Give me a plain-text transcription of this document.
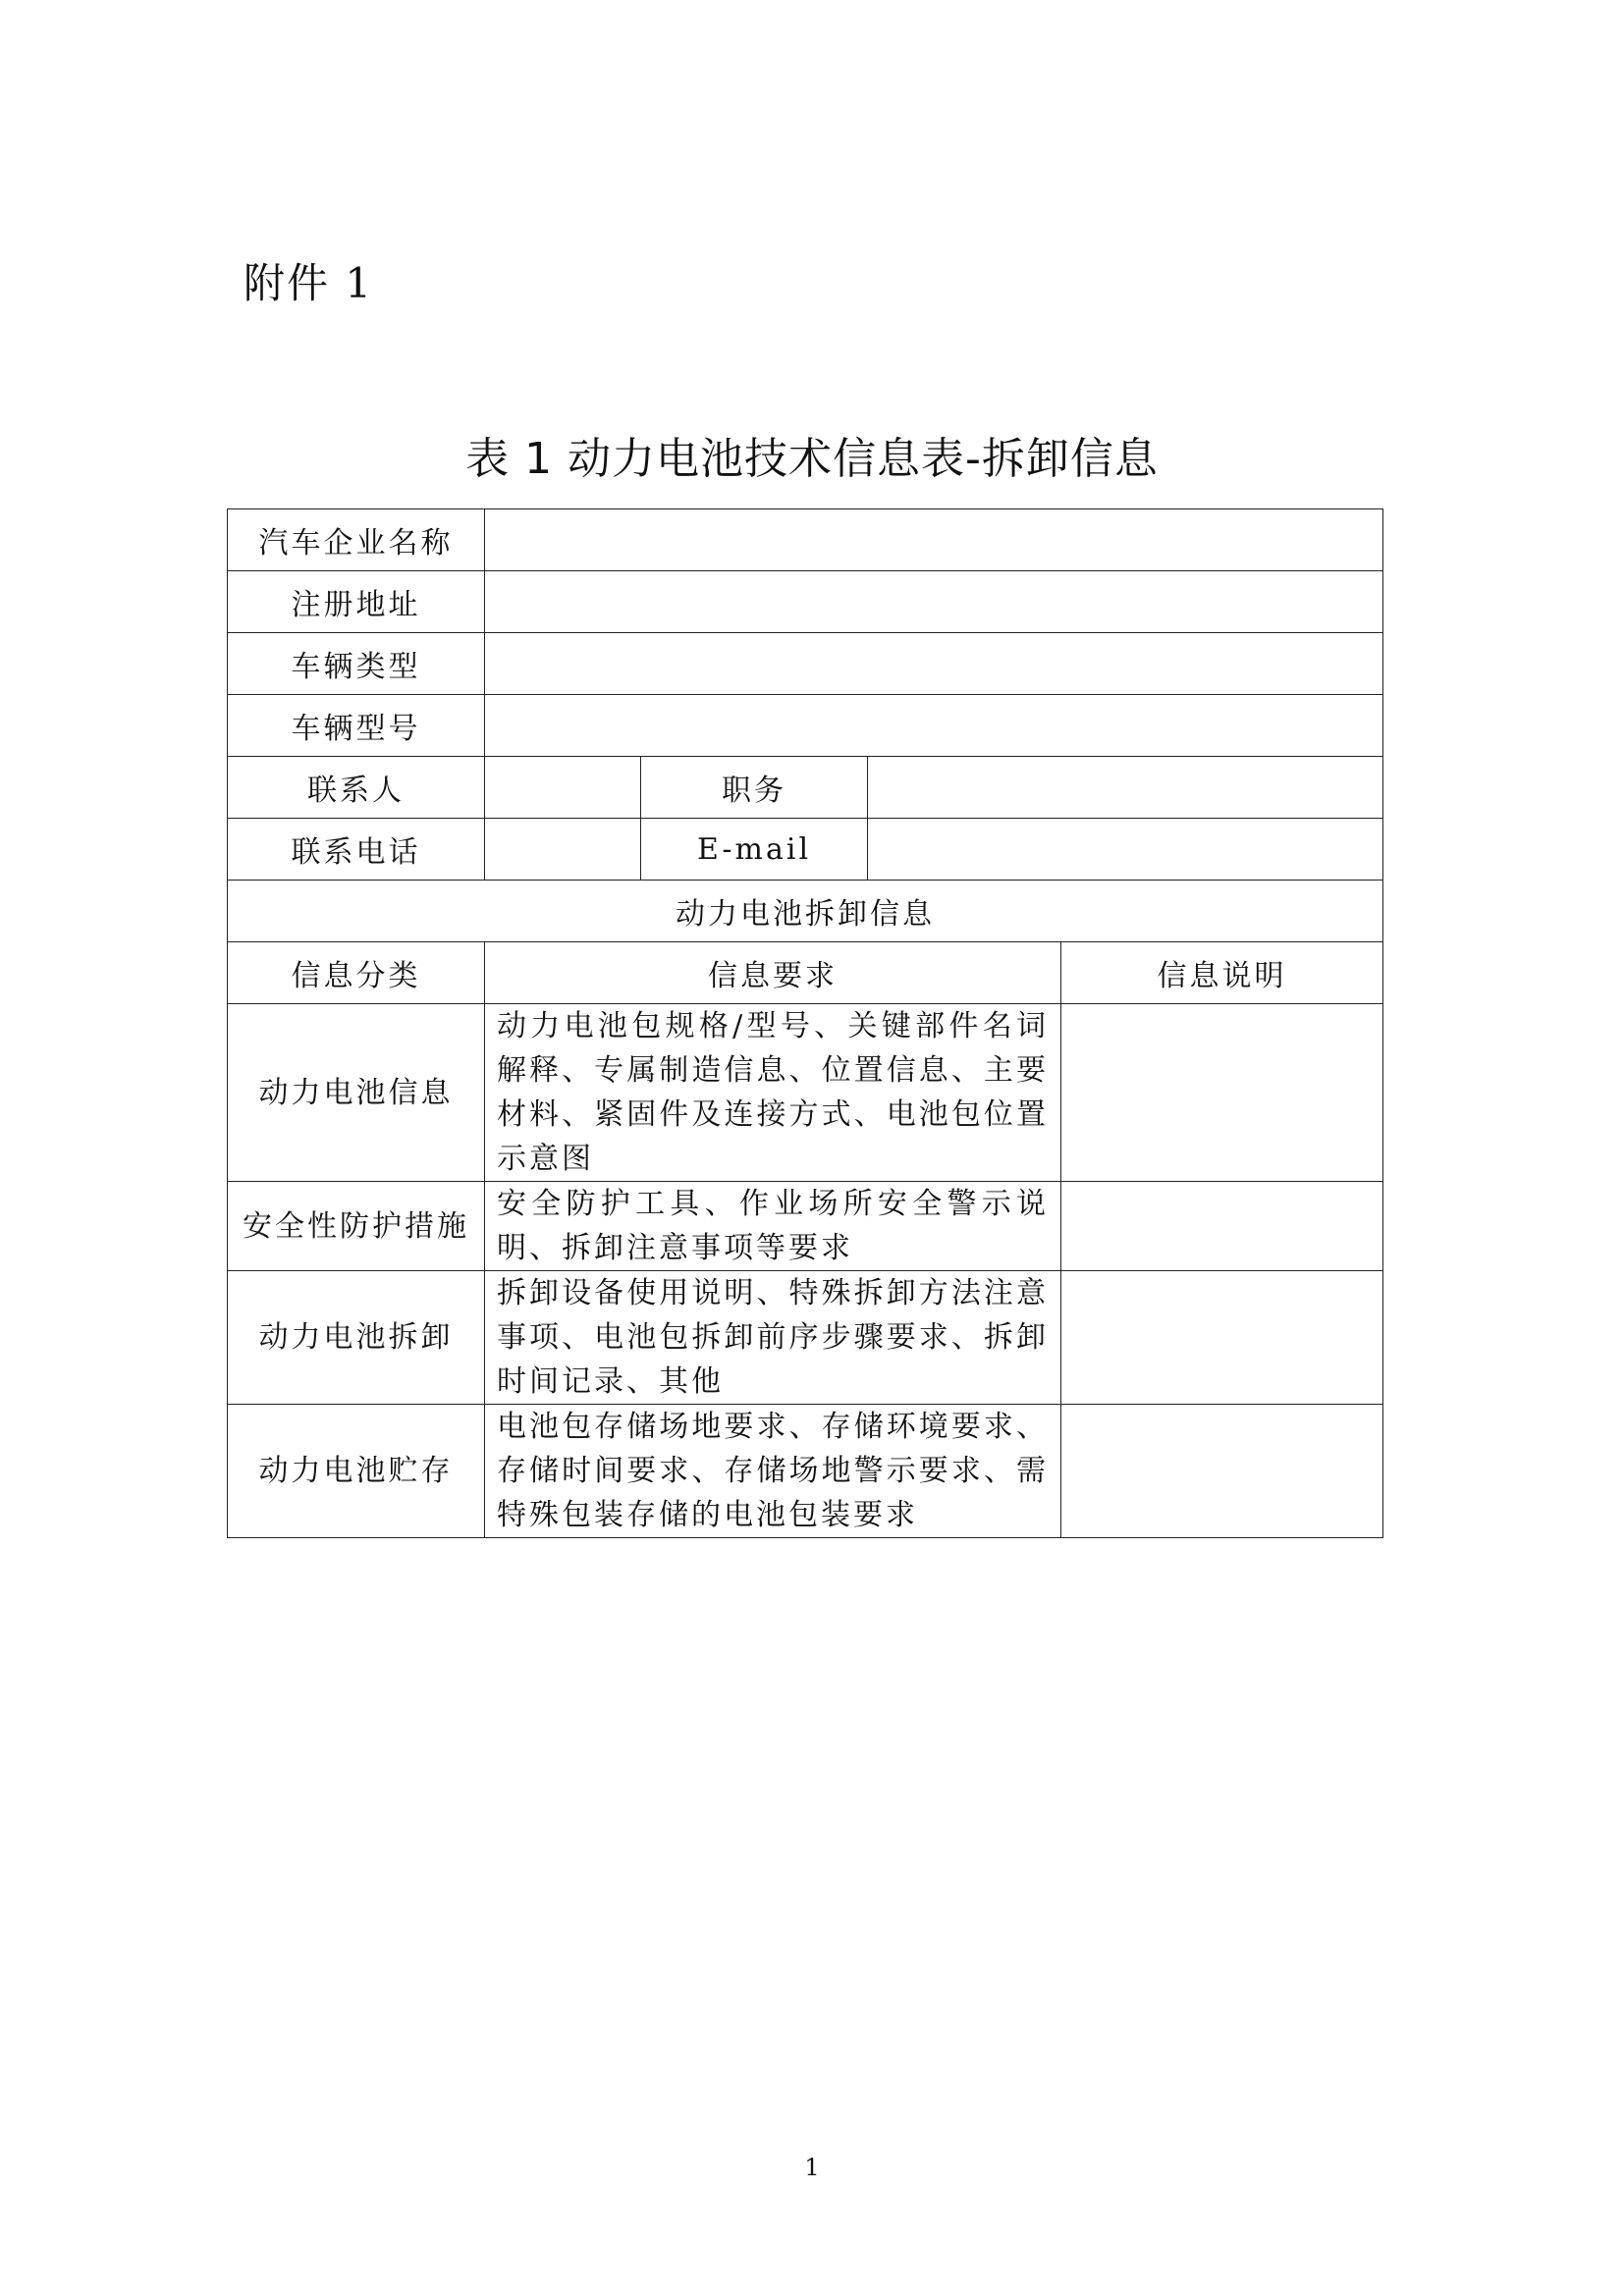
附件 1
表 1 动力电池技术信息表-拆卸信息
汽车企业名称				
注册地址				
车辆类型				
车辆型号				
联系人		职务		
联系电话		E-mail		
动力电池拆卸信息				
信息分类	信息要求			信息说明
动力电池信息	动力电池包规格/型号、关键部件名词解释、专属制造信息、位置信息、主要材料、紧固件及连接方式、电池包位置示意图			
安全性防护措施	安全防护工具、作业场所安全警示说明、拆卸注意事项等要求			
动力电池拆卸	拆卸设备使用说明、特殊拆卸方法注意事项、电池包拆卸前序步骤要求、拆卸时间记录、其他			
动力电池贮存	电池包存储场地要求、存储环境要求、存储时间要求、存储场地警示要求、需特殊包装存储的电池包装要求			
1
